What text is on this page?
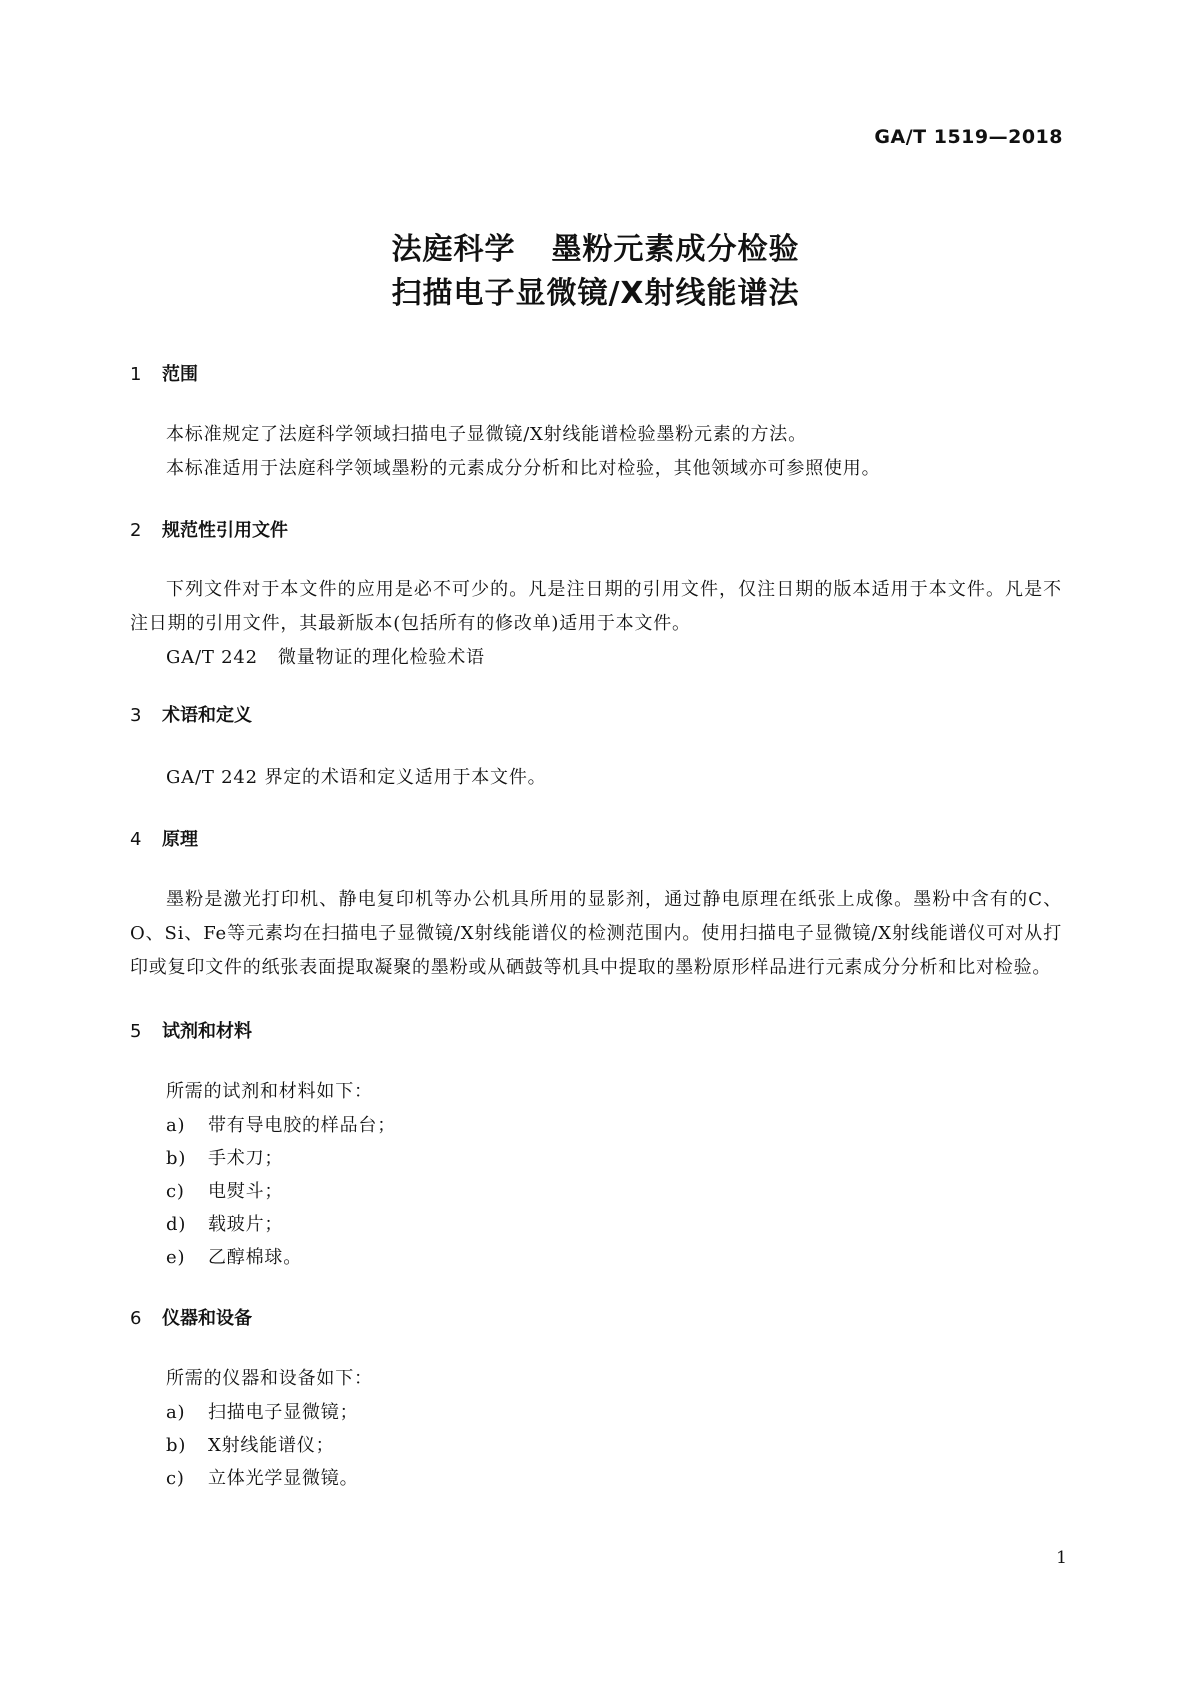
GA/T 1519—2018
法庭科学 墨粉元素成分检验
扫描电子显微镜/X射线能谱法
1 范围

本标准规定了法庭科学领域扫描电子显微镜/X射线能谱检验墨粉元素的方法。

本标准适用于法庭科学领域墨粉的元素成分分析和比对检验，其他领域亦可参照使用。

2 规范性引用文件

下列文件对于本文件的应用是必不可少的。凡是注日期的引用文件，仅注日期的版本适用于本文件。凡是不注日期的引用文件，其最新版本(包括所有的修改单)适用于本文件。

GA/T 242 微量物证的理化检验术语

3 术语和定义

GA/T 242 界定的术语和定义适用于本文件。

4 原理

墨粉是激光打印机、静电复印机等办公机具所用的显影剂，通过静电原理在纸张上成像。墨粉中含有的C、O、Si、Fe等元素均在扫描电子显微镜/X射线能谱仪的检测范围内。使用扫描电子显微镜/X射线能谱仪可对从打印或复印文件的纸张表面提取凝聚的墨粉或从硒鼓等机具中提取的墨粉原形样品进行元素成分分析和比对检验。

5 试剂和材料

所需的试剂和材料如下：

a) 带有导电胶的样品台；
b) 手术刀；
c) 电熨斗；
d) 载玻片；
e) 乙醇棉球。
6 仪器和设备

所需的仪器和设备如下：

a) 扫描电子显微镜；
b) X射线能谱仪；
c) 立体光学显微镜。
1
